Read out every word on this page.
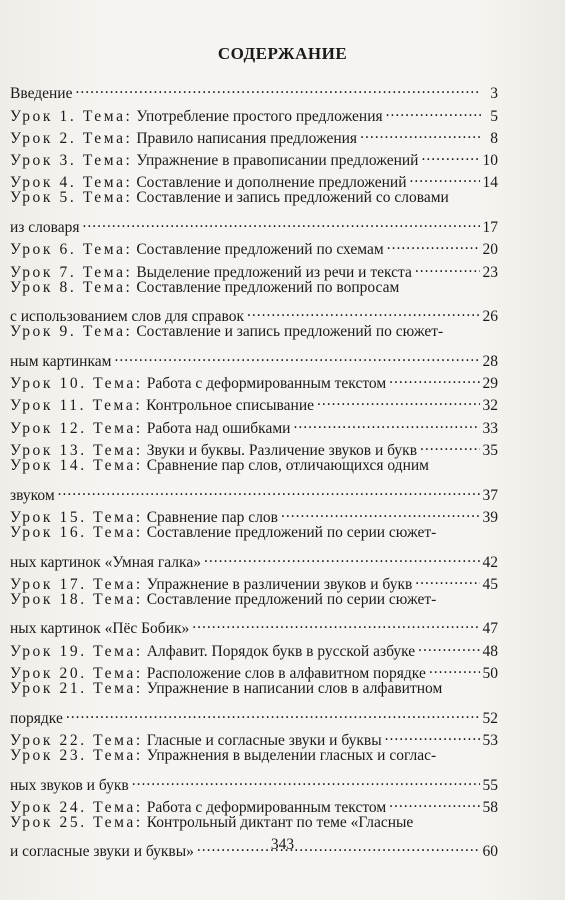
СОДЕРЖАНИЕ
Введение .....	3
Урок 1. Тема: Употребление простого предложения .....	5
Урок 2. Тема: Правило написания предложения .....	8
Урок 3. Тема: Упражнение в правописании предложений .....	10
Урок 4. Тема: Составление и дополнение предложений .....	14
Урок 5. Тема: Составление и запись предложений со словами
из словаря .....	17
Урок 6. Тема: Составление предложений по схемам .....	20
Урок 7. Тема: Выделение предложений из речи и текста .....	23
Урок 8. Тема: Составление предложений по вопросам
с использованием слов для справок .....	26
Урок 9. Тема: Составление и запись предложений по сюжет-
ным картинкам .....	28
Урок 10. Тема: Работа с деформированным текстом .....	29
Урок 11. Тема: Контрольное списывание .....	32
Урок 12. Тема: Работа над ошибками .....	33
Урок 13. Тема: Звуки и буквы. Различение звуков и букв .....	35
Урок 14. Тема: Сравнение пар слов, отличающихся одним
звуком .....	37
Урок 15. Тема: Сравнение пар слов .....	39
Урок 16. Тема: Составление предложений по серии сюжет-
ных картинок «Умная галка» .....	42
Урок 17. Тема: Упражнение в различении звуков и букв .....	45
Урок 18. Тема: Составление предложений по серии сюжет-
ных картинок «Пёс Бобик» .....	47
Урок 19. Тема: Алфавит. Порядок букв в русской азбуке .....	48
Урок 20. Тема: Расположение слов в алфавитном порядке .....	50
Урок 21. Тема: Упражнение в написании слов в алфавитном
порядке .....	52
Урок 22. Тема: Гласные и согласные звуки и буквы .....	53
Урок 23. Тема: Упражнения в выделении гласных и соглас-
ных звуков и букв .....	55
Урок 24. Тема: Работа с деформированным текстом .....	58
Урок 25. Тема: Контрольный диктант по теме «Гласные
и согласные звуки и буквы» .....	60
343
